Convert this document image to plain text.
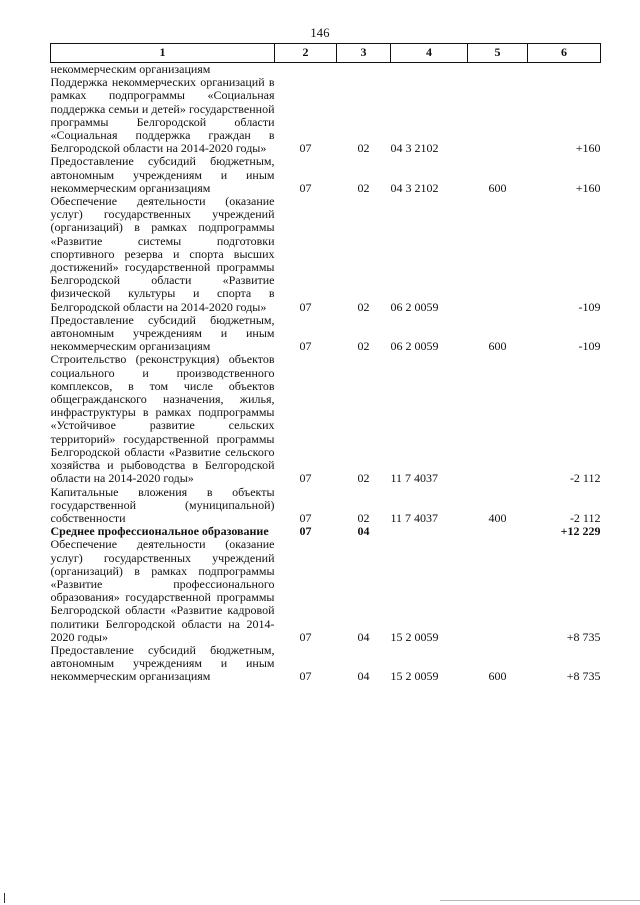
146
1	2	3	4	5	6
некоммерческим организациям					
Поддержка некоммерческих организаций в рамках подпрограммы «Социальная поддержка семьи и детей» государственной программы Белгородской области «Социальная поддержка граждан в Белгородской области на 2014-2020 годы»	07	02	04 3 2102		+160
Предоставление субсидий бюджетным, автономным учреждениям и иным некоммерческим организациям	07	02	04 3 2102	600	+160
Обеспечение деятельности (оказание услуг) государственных учреждений (организаций) в рамках подпрограммы «Развитие системы подготовки спортивного резерва и спорта высших достижений» государственной программы Белгородской области «Развитие физической культуры и спорта в Белгородской области на 2014-2020 годы»	07	02	06 2 0059		-109
Предоставление субсидий бюджетным, автономным учреждениям и иным некоммерческим организациям	07	02	06 2 0059	600	-109
Строительство (реконструкция) объектов социального и производственного комплексов, в том числе объектов общегражданского назначения, жилья, инфраструктуры в рамках подпрограммы «Устойчивое развитие сельских территорий» государственной программы Белгородской области «Развитие сельского хозяйства и рыбоводства в Белгородской области на 2014-2020 годы»	07	02	11 7 4037		-2 112
Капитальные вложения в объекты государственной (муниципальной) собственности	07	02	11 7 4037	400	-2 112
Среднее профессиональное образование	07	04			+12 229
Обеспечение деятельности (оказание услуг) государственных учреждений (организаций) в рамках подпрограммы «Развитие профессионального образования» государственной программы Белгородской области «Развитие кадровой политики Белгородской области на 2014-2020 годы»	07	04	15 2 0059		+8 735
Предоставление субсидий бюджетным, автономным учреждениям и иным некоммерческим организациям	07	04	15 2 0059	600	+8 735
